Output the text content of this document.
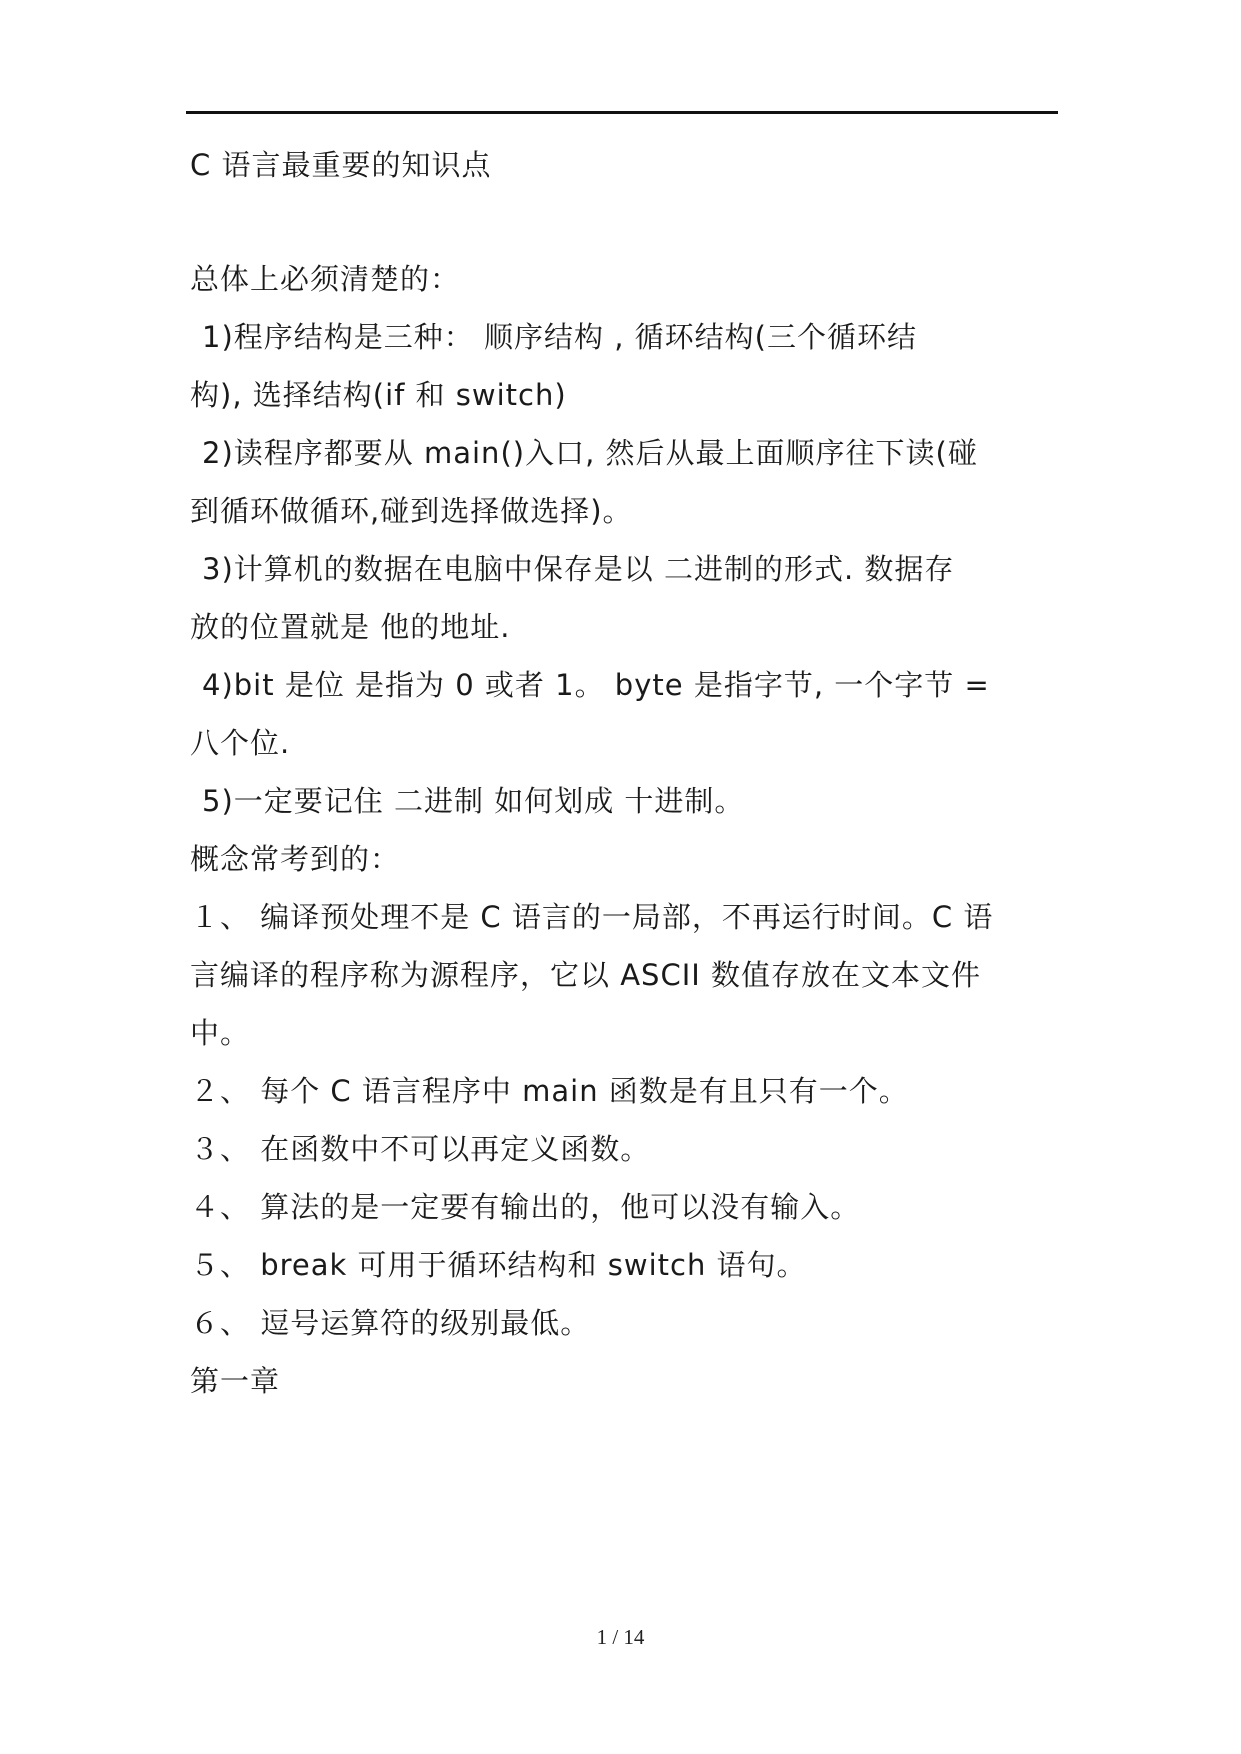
C 语言最重要的知识点
总体上必须清楚的：
1)程序结构是三种： 顺序结构 , 循环结构(三个循环结
构), 选择结构(if 和 switch)
2)读程序都要从 main()入口, 然后从最上面顺序往下读(碰
到循环做循环,碰到选择做选择)。
3)计算机的数据在电脑中保存是以 二进制的形式. 数据存
放的位置就是 他的地址.
4)bit 是位 是指为 0 或者 1。 byte 是指字节, 一个字节 =
八个位.
5)一定要记住 二进制 如何划成 十进制。
概念常考到的：
１、 编译预处理不是 C 语言的一局部，不再运行时间。C 语
言编译的程序称为源程序，它以 ASCII 数值存放在文本文件
中。
２、 每个 C 语言程序中 main 函数是有且只有一个。
３、 在函数中不可以再定义函数。
４、 算法的是一定要有输出的，他可以没有输入。
５、 break 可用于循环结构和 switch 语句。
６、 逗号运算符的级别最低。
第一章
1 / 14
